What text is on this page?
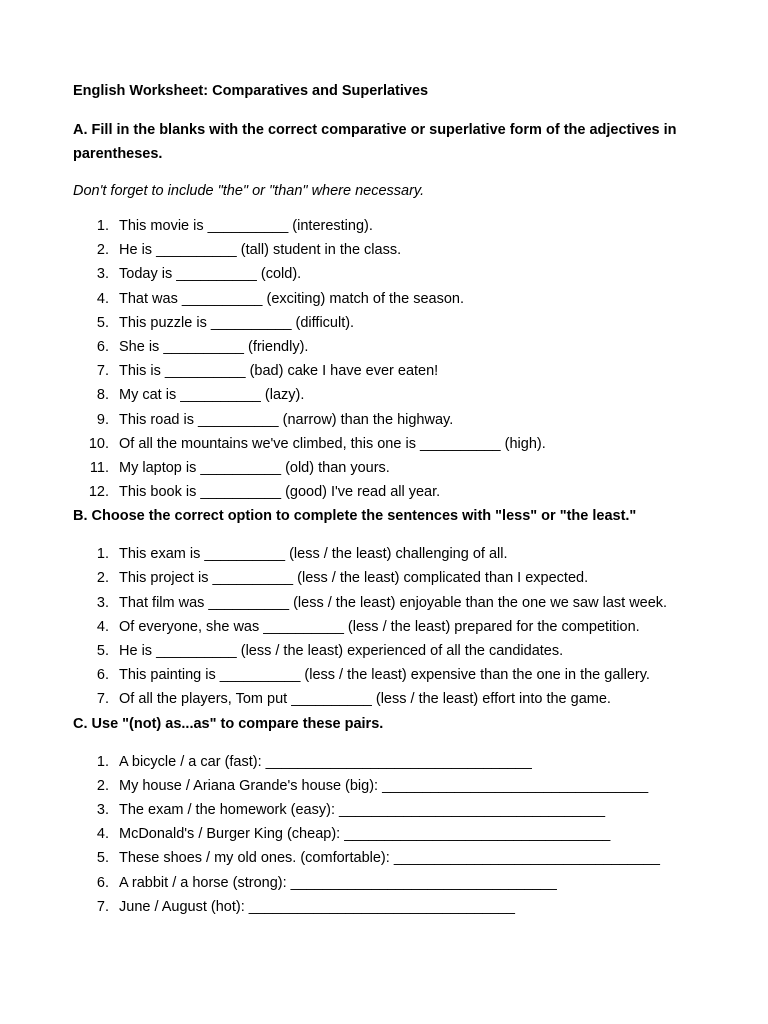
English Worksheet: Comparatives and Superlatives
A. Fill in the blanks with the correct comparative or superlative form of the adjectives in parentheses.
Don't forget to include "the" or "than" where necessary.
1. This movie is __________ (interesting).
2. He is __________ (tall) student in the class.
3. Today is __________ (cold).
4. That was __________ (exciting) match of the season.
5. This puzzle is __________ (difficult).
6. She is __________ (friendly).
7. This is __________ (bad) cake I have ever eaten!
8. My cat is __________ (lazy).
9. This road is __________ (narrow) than the highway.
10. Of all the mountains we've climbed, this one is __________ (high).
11. My laptop is __________ (old) than yours.
12. This book is __________ (good) I've read all year.
B. Choose the correct option to complete the sentences with "less" or "the least."
1. This exam is __________ (less / the least) challenging of all.
2. This project is __________ (less / the least) complicated than I expected.
3. That film was __________ (less / the least) enjoyable than the one we saw last week.
4. Of everyone, she was __________ (less / the least) prepared for the competition.
5. He is __________ (less / the least) experienced of all the candidates.
6. This painting is __________ (less / the least) expensive than the one in the gallery.
7. Of all the players, Tom put __________ (less / the least) effort into the game.
C. Use "(not) as...as" to compare these pairs.
1. A bicycle / a car (fast): _________________________________
2. My house / Ariana Grande's house (big): _________________________________
3. The exam / the homework (easy): _________________________________
4. McDonald's / Burger King (cheap): _________________________________
5. These shoes / my old ones. (comfortable): _________________________________
6. A rabbit / a horse (strong): _________________________________
7. June / August (hot): _________________________________
